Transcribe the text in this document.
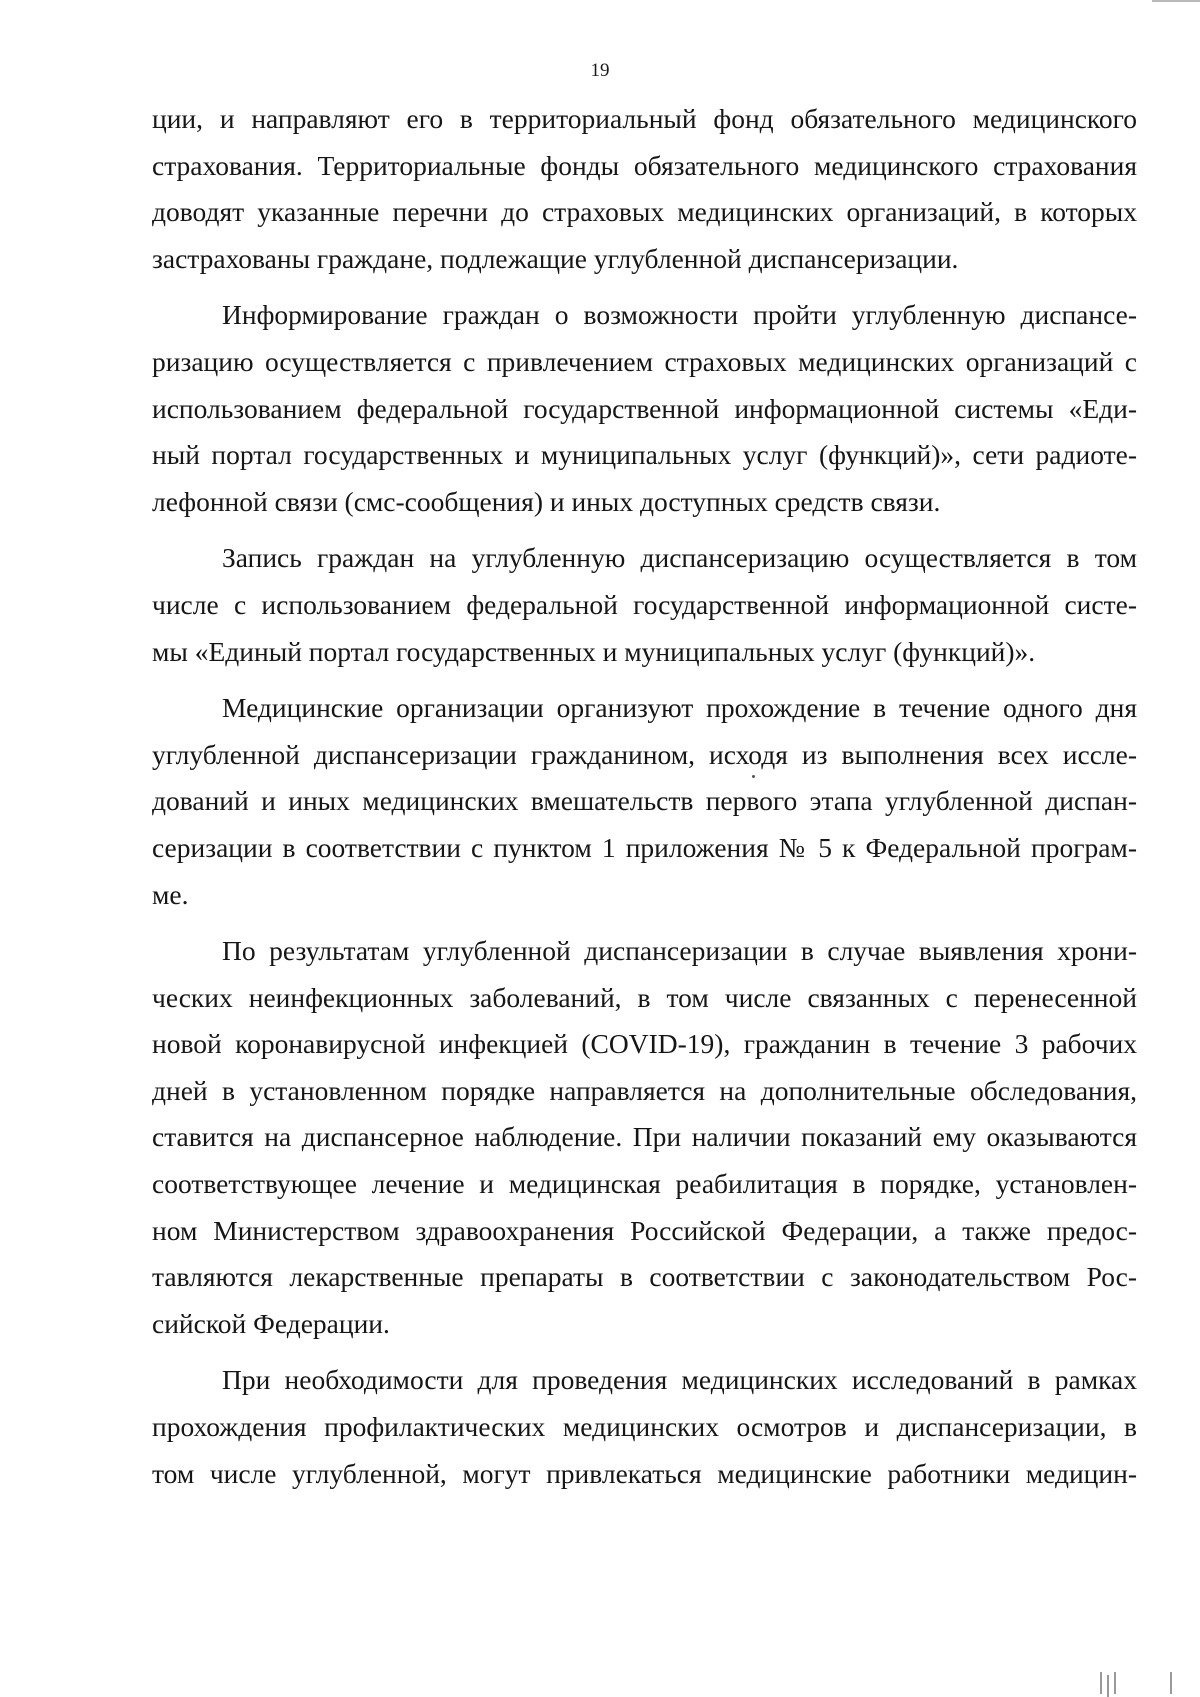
19

ции, и направляют его в территориальный фонд обязательного медицинского
страхования. Территориальные фонды обязательного медицинского страхования
доводят указанные перечни до страховых медицинских организаций, в которых
застрахованы граждане, подлежащие углубленной диспансеризации.

Информирование граждан о возможности пройти углубленную диспансе-
ризацию осуществляется с привлечением страховых медицинских организаций с
использованием федеральной государственной информационной системы «Еди-
ный портал государственных и муниципальных услуг (функций)», сети радиоте-
лефонной связи (смс-сообщения) и иных доступных средств связи.

Запись граждан на углубленную диспансеризацию осуществляется в том
числе с использованием федеральной государственной информационной систе-
мы «Единый портал государственных и муниципальных услуг (функций)».

Медицинские организации организуют прохождение в течение одного дня
углубленной диспансеризации гражданином, исходя из выполнения всех иссле-
дований и иных медицинских вмешательств первого этапа углубленной диспан-
серизации в соответствии с пунктом 1 приложения № 5 к Федеральной програм-
ме.

По результатам углубленной диспансеризации в случае выявления хрони-
ческих неинфекционных заболеваний, в том числе связанных с перенесенной
новой коронавирусной инфекцией (COVID-19), гражданин в течение 3 рабочих
дней в установленном порядке направляется на дополнительные обследования,
ставится на диспансерное наблюдение. При наличии показаний ему оказываются
соответствующее лечение и медицинская реабилитация в порядке, установлен-
ном Министерством здравоохранения Российской Федерации, а также предос-
тавляются лекарственные препараты в соответствии с законодательством Рос-
сийской Федерации.

При необходимости для проведения медицинских исследований в рамках
прохождения профилактических медицинских осмотров и диспансеризации, в
том числе углубленной, могут привлекаться медицинские работники медицин-
